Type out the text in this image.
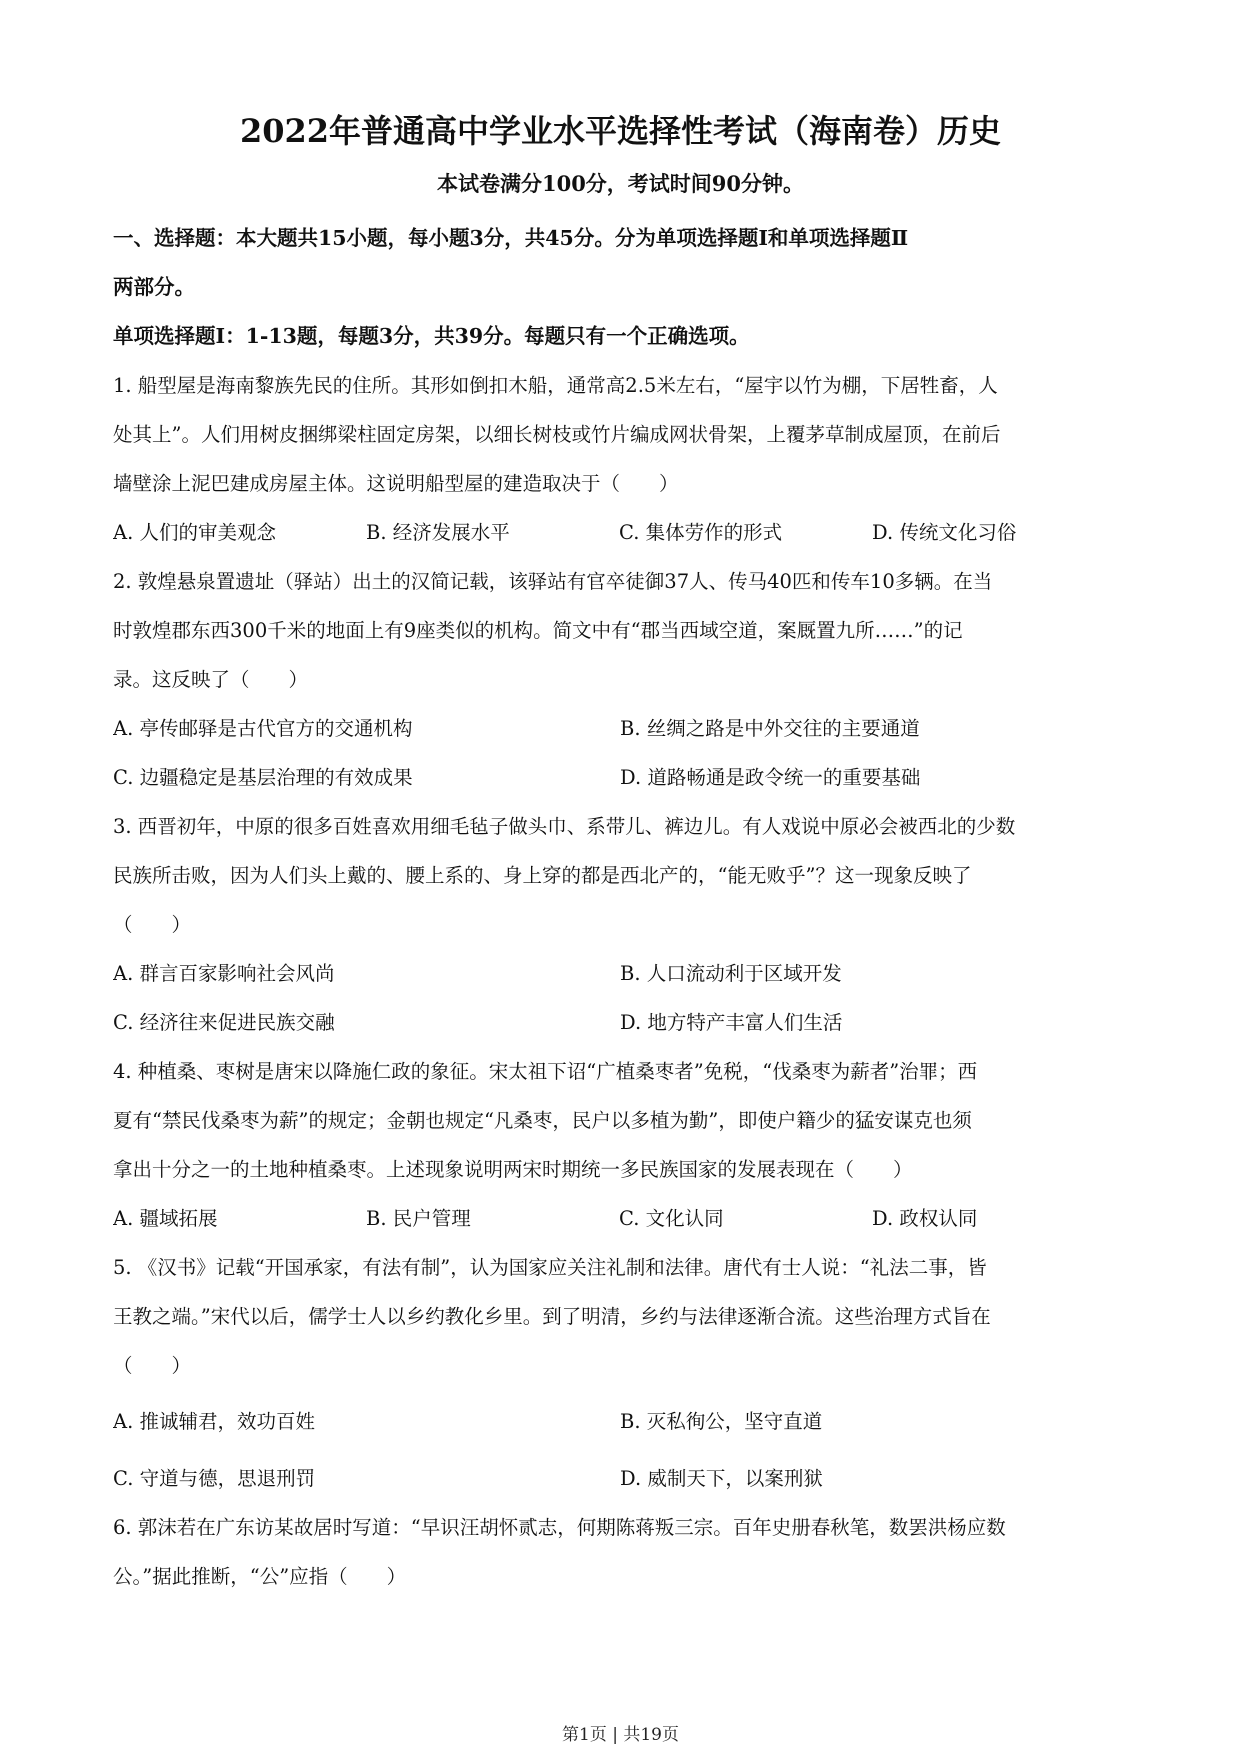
2022年普通高中学业水平选择性考试（海南卷）历史
本试卷满分100分，考试时间90分钟。
一、选择题：本大题共15小题，每小题3分，共45分。分为单项选择题Ⅰ和单项选择题Ⅱ
两部分。
单项选择题Ⅰ：1-13题，每题3分，共39分。每题只有一个正确选项。
1. 船型屋是海南黎族先民的住所。其形如倒扣木船，通常高2.5米左右，“屋宇以竹为棚，下居牲畜，人
处其上”。人们用树皮捆绑梁柱固定房架，以细长树枝或竹片编成网状骨架，上覆茅草制成屋顶，在前后
墙壁涂上泥巴建成房屋主体。这说明船型屋的建造取决于（　　）
A. 人们的审美观念	B. 经济发展水平	C. 集体劳作的形式	D. 传统文化习俗
2. 敦煌悬泉置遗址（驿站）出土的汉简记载，该驿站有官卒徒御37人、传马40匹和传车10多辆。在当
时敦煌郡东西300千米的地面上有9座类似的机构。简文中有“郡当西域空道，案厩置九所……”的记
录。这反映了（　　）
A. 亭传邮驿是古代官方的交通机构	B. 丝绸之路是中外交往的主要通道
C. 边疆稳定是基层治理的有效成果	D. 道路畅通是政令统一的重要基础
3. 西晋初年，中原的很多百姓喜欢用细毛毡子做头巾、系带儿、裤边儿。有人戏说中原必会被西北的少数
民族所击败，因为人们头上戴的、腰上系的、身上穿的都是西北产的，“能无败乎”？这一现象反映了
（　　）
A. 群言百家影响社会风尚	B. 人口流动利于区域开发
C. 经济往来促进民族交融	D. 地方特产丰富人们生活
4. 种植桑、枣树是唐宋以降施仁政的象征。宋太祖下诏“广植桑枣者”免税，“伐桑枣为薪者”治罪；西
夏有“禁民伐桑枣为薪”的规定；金朝也规定“凡桑枣，民户以多植为勤”，即使户籍少的猛安谋克也须
拿出十分之一的土地种植桑枣。上述现象说明两宋时期统一多民族国家的发展表现在（　　）
A. 疆域拓展	B. 民户管理	C. 文化认同	D. 政权认同
5. 《汉书》记载“开国承家，有法有制”，认为国家应关注礼制和法律。唐代有士人说：“礼法二事，皆
王教之端。”宋代以后，儒学士人以乡约教化乡里。到了明清，乡约与法律逐渐合流。这些治理方式旨在
（　　）
A. 推诚辅君，效功百姓	B. 灭私徇公，坚守直道
C. 守道与德，思退刑罚	D. 威制天下，以案刑狱
6. 郭沫若在广东访某故居时写道：“早识汪胡怀贰志，何期陈蒋叛三宗。百年史册春秋笔，数罢洪杨应数
公。”据此推断，“公”应指（　　）
第1页 | 共19页
